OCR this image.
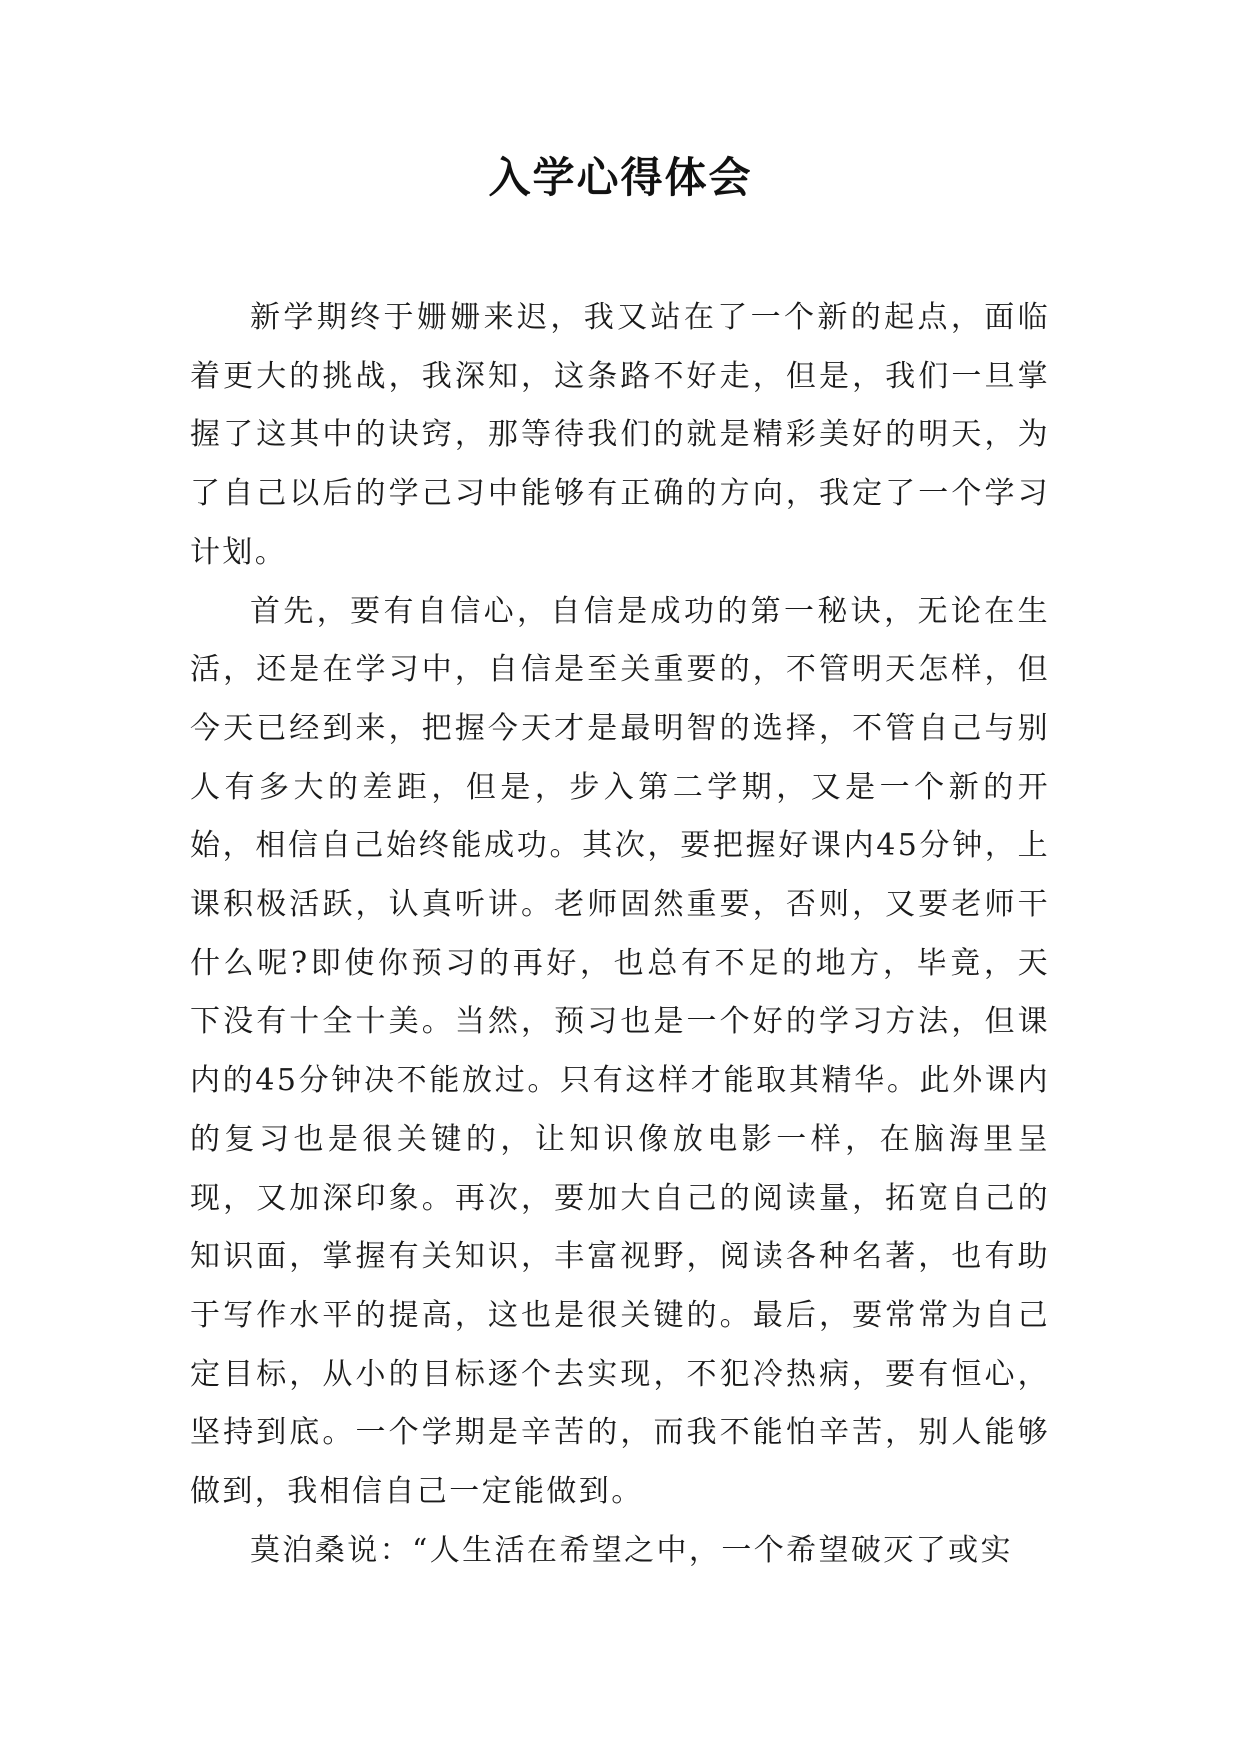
入学心得体会

新学期终于姗姗来迟，我又站在了一个新的起点，面临着更大的挑战，我深知，这条路不好走，但是，我们一旦掌握了这其中的诀窍，那等待我们的就是精彩美好的明天，为了自己以后的学己习中能够有正确的方向，我定了一个学习计划。

首先，要有自信心，自信是成功的第一秘诀，无论在生活，还是在学习中，自信是至关重要的，不管明天怎样，但今天已经到来，把握今天才是最明智的选择，不管自己与别人有多大的差距，但是，步入第二学期，又是一个新的开始，相信自己始终能成功。其次，要把握好课内45分钟，上课积极活跃，认真听讲。老师固然重要，否则，又要老师干什么呢?即使你预习的再好，也总有不足的地方，毕竟，天下没有十全十美。当然，预习也是一个好的学习方法，但课内的45分钟决不能放过。只有这样才能取其精华。此外课内的复习也是很关键的，让知识像放电影一样，在脑海里呈现，又加深印象。再次，要加大自己的阅读量，拓宽自己的知识面，掌握有关知识，丰富视野，阅读各种名著，也有助于写作水平的提高，这也是很关键的。最后，要常常为自己定目标，从小的目标逐个去实现，不犯冷热病，要有恒心，坚持到底。一个学期是辛苦的，而我不能怕辛苦，别人能够做到，我相信自己一定能做到。

莫泊桑说：“人生活在希望之中，一个希望破灭了或实
